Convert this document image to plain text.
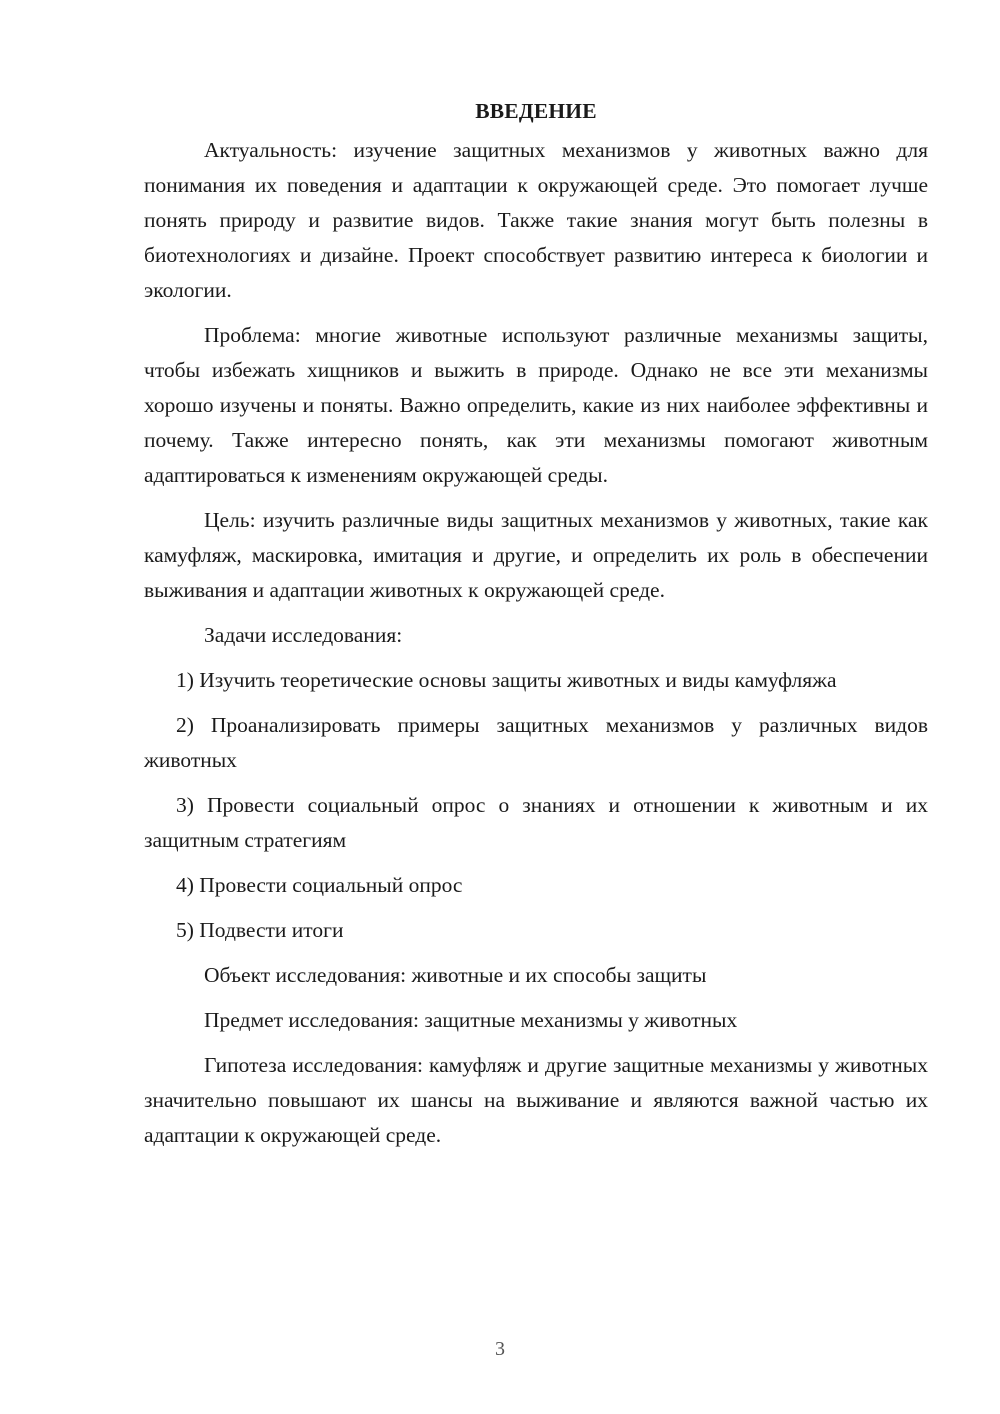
ВВЕДЕНИЕ

Актуальность: изучение защитных механизмов у животных важно для понимания их поведения и адаптации к окружающей среде. Это помогает лучше понять природу и развитие видов. Также такие знания могут быть полезны в биотехнологиях и дизайне. Проект способствует развитию интереса к биологии и экологии.

Проблема: многие животные используют различные механизмы защиты, чтобы избежать хищников и выжить в природе. Однако не все эти механизмы хорошо изучены и поняты. Важно определить, какие из них наиболее эффективны и почему. Также интересно понять, как эти механизмы помогают животным адаптироваться к изменениям окружающей среды.

Цель: изучить различные виды защитных механизмов у животных, такие как камуфляж, маскировка, имитация и другие, и определить их роль в обеспечении выживания и адаптации животных к окружающей среде.

Задачи исследования:

1) Изучить теоретические основы защиты животных и виды камуфляжа

2) Проанализировать примеры защитных механизмов у различных видов животных

3) Провести социальный опрос о знаниях и отношении к животным и их защитным стратегиям

4) Провести социальный опрос

5) Подвести итоги

Объект исследования: животные и их способы защиты

Предмет исследования: защитные механизмы у животных

Гипотеза исследования: камуфляж и другие защитные механизмы у животных значительно повышают их шансы на выживание и являются важной частью их адаптации к окружающей среде.

3
